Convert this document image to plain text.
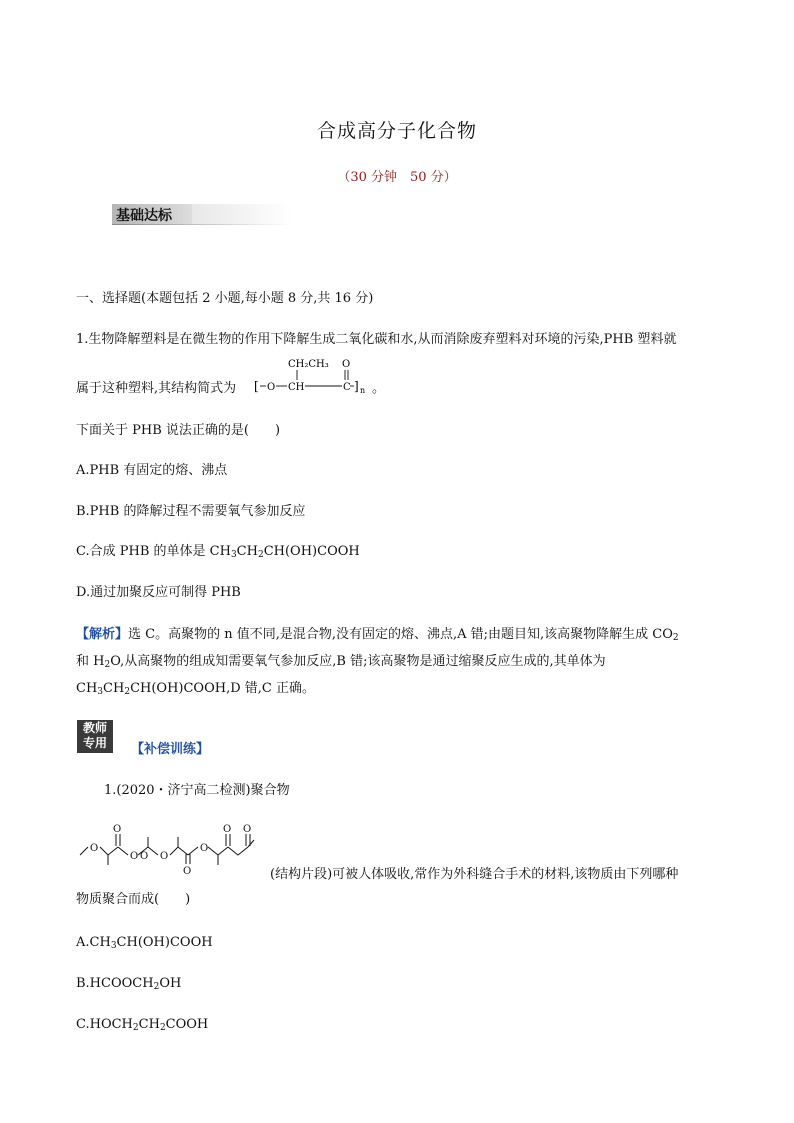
合成高分子化合物
（30 分钟　50 分）
基础达标
一、选择题(本题包括 2 小题,每小题 8 分,共 16 分)
1.生物降解塑料是在微生物的作用下降解生成二氧化碳和水,从而消除废弃塑料对环境的污染,PHB 塑料就
属于这种塑料,其结构简式为
CH₂CH₃ O
[ O CH	C ] n 。
下面关于 PHB 说法正确的是(　　)
A.PHB 有固定的熔、沸点
B.PHB 的降解过程不需要氧气参加反应
C.合成 PHB 的单体是 $CH_3CH_2CH(OH)COOH$
D.通过加聚反应可制得 PHB
【解析】选 C。高聚物的 n 值不同,是混合物,没有固定的熔、沸点,A 错;由题目知,该高聚物降解生成 $CO_2$
和 $H_2O$,从高聚物的组成知需要氧气参加反应,B 错;该高聚物是通过缩聚反应生成的,其单体为
$CH_3CH_2CH(OH)COOH,D$ 错,C 正确。
教师
专用	【补偿训练】
1.(2020・济宁高二检测)聚合物
O
O
O O
O
O
O
O
O
(结构片段)可被人体吸收,常作为外科缝合手术的材料,该物质由下列哪种
物质聚合而成(　　)
$A.CH_3CH(OH)COOH$
$B.HCOOCH_2OH$
$C.HOCH_2CH_2COOH$
